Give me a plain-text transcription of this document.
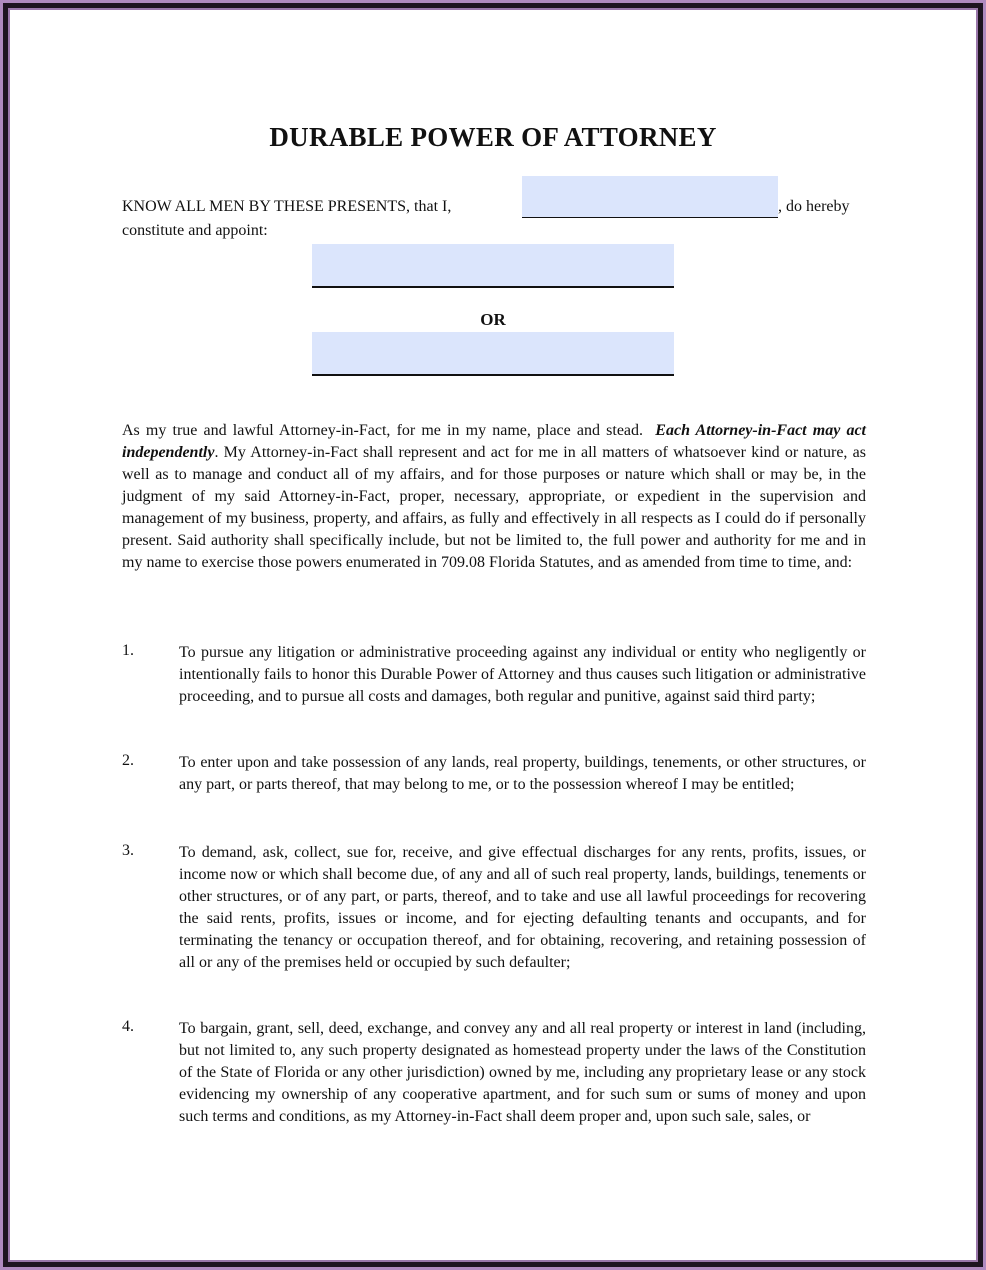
DURABLE POWER OF ATTORNEY
KNOW ALL MEN BY THESE PRESENTS, that I,	, do hereby
constitute and appoint:
OR
As my true and lawful Attorney-in-Fact, for me in my name, place and stead. Each Attorney-in-Fact may act independently. My Attorney-in-Fact shall represent and act for me in all matters of whatsoever kind or nature, as well as to manage and conduct all of my affairs, and for those purposes or nature which shall or may be, in the judgment of my said Attorney-in-Fact, proper, necessary, appropriate, or expedient in the supervision and management of my business, property, and affairs, as fully and effectively in all respects as I could do if personally present. Said authority shall specifically include, but not be limited to, the full power and authority for me and in my name to exercise those powers enumerated in 709.08 Florida Statutes, and as amended from time to time, and:
1.	To pursue any litigation or administrative proceeding against any individual or entity who negligently or intentionally fails to honor this Durable Power of Attorney and thus causes such litigation or administrative proceeding, and to pursue all costs and damages, both regular and punitive, against said third party;
2.	To enter upon and take possession of any lands, real property, buildings, tenements, or other structures, or any part, or parts thereof, that may belong to me, or to the possession whereof I may be entitled;
3.	To demand, ask, collect, sue for, receive, and give effectual discharges for any rents, profits, issues, or income now or which shall become due, of any and all of such real property, lands, buildings, tenements or other structures, or of any part, or parts, thereof, and to take and use all lawful proceedings for recovering the said rents, profits, issues or income, and for ejecting defaulting tenants and occupants, and for terminating the tenancy or occupation thereof, and for obtaining, recovering, and retaining possession of all or any of the premises held or occupied by such defaulter;
4.	To bargain, grant, sell, deed, exchange, and convey any and all real property or interest in land (including, but not limited to, any such property designated as homestead property under the laws of the Constitution of the State of Florida or any other jurisdiction) owned by me, including any proprietary lease or any stock evidencing my ownership of any cooperative apartment, and for such sum or sums of money and upon such terms and conditions, as my Attorney-in-Fact shall deem proper and, upon such sale, sales, or
